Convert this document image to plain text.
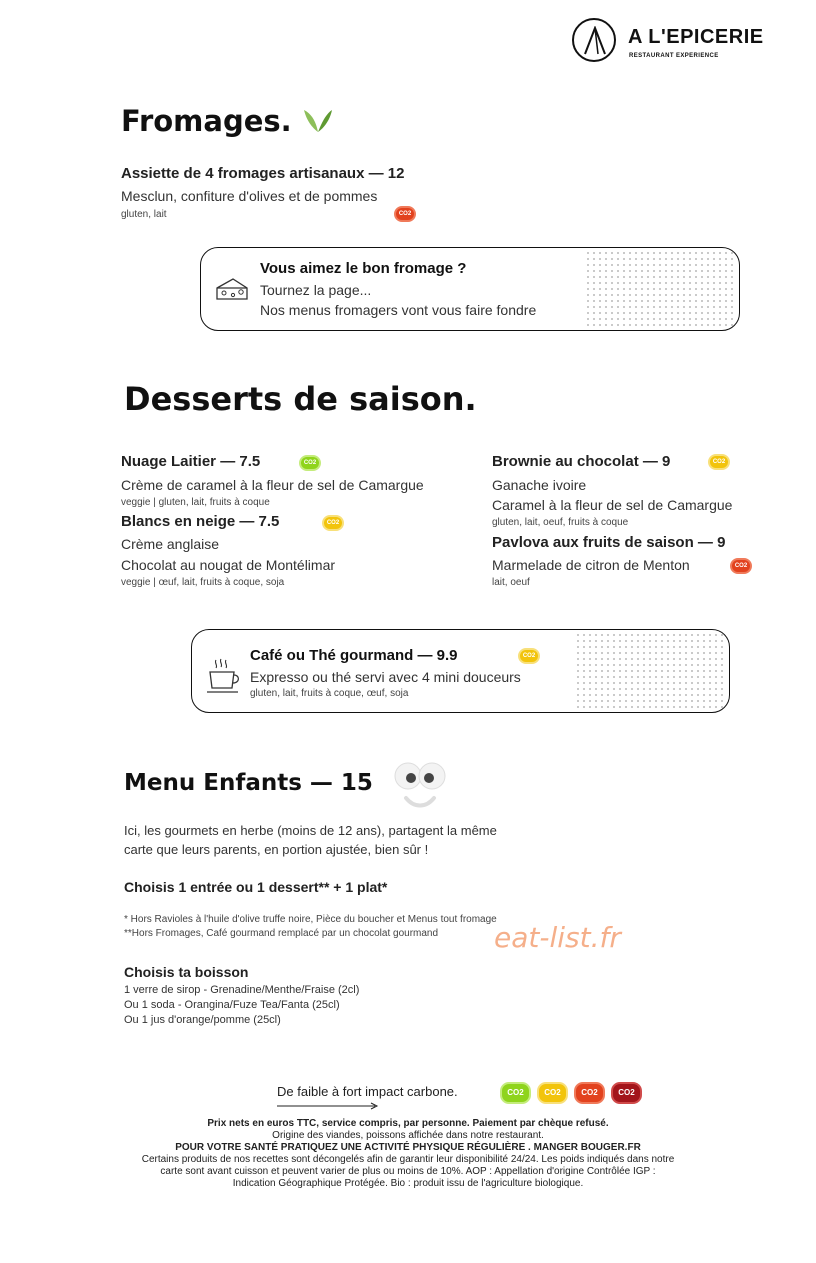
A L'EPICERIE
RESTAURANT EXPERIENCE
Fromages.
Assiette de 4 fromages artisanaux — 12
Mesclun, confiture d'olives et de pommes
gluten, lait	CO2
Vous aimez le bon fromage ?
Tournez la page...
Nos menus fromagers vont vous faire fondre
Desserts de saison.
Nuage Laitier — 7.5	CO2
Crème de caramel à la fleur de sel de Camargue
veggie | gluten, lait, fruits à coque
Blancs en neige — 7.5	CO2
Crème anglaise
Chocolat au nougat de Montélimar
veggie | œuf, lait, fruits à coque, soja
Brownie au chocolat — 9	CO2
Ganache ivoire
Caramel à la fleur de sel de Camargue
gluten, lait, oeuf, fruits à coque
Pavlova aux fruits de saison — 9
Marmelade de citron de Menton	CO2
lait, oeuf
Café ou Thé gourmand — 9.9	CO2
Expresso ou thé servi avec 4 mini douceurs
gluten, lait, fruits à coque, œuf, soja
Menu Enfants — 15
Ici, les gourmets en herbe (moins de 12 ans), partagent la même
carte que leurs parents, en portion ajustée, bien sûr !
Choisis 1 entrée ou 1 dessert** + 1 plat*
* Hors Ravioles à l'huile d'olive truffe noire, Pièce du boucher et Menus tout fromage
**Hors Fromages, Café gourmand remplacé par un chocolat gourmand eat-list.fr
Choisis ta boisson
1 verre de sirop - Grenadine/Menthe/Fraise (2cl)
Ou 1 soda - Orangina/Fuze Tea/Fanta (25cl)
Ou 1 jus d'orange/pomme (25cl)
De faible à fort impact carbone.	CO2	CO2	CO2	CO2
Prix nets en euros TTC, service compris, par personne. Paiement par chèque refusé.
Origine des viandes, poissons affichée dans notre restaurant.
POUR VOTRE SANTÉ PRATIQUEZ UNE ACTIVITÉ PHYSIQUE RÉGULIÈRE . MANGER BOUGER.FR
Certains produits de nos recettes sont décongelés afin de garantir leur disponibilité 24/24. Les poids indiqués dans notre
carte sont avant cuisson et peuvent varier de plus ou moins de 10%. AOP : Appellation d'origine Contrôlée IGP :
Indication Géographique Protégée. Bio : produit issu de l'agriculture biologique.
